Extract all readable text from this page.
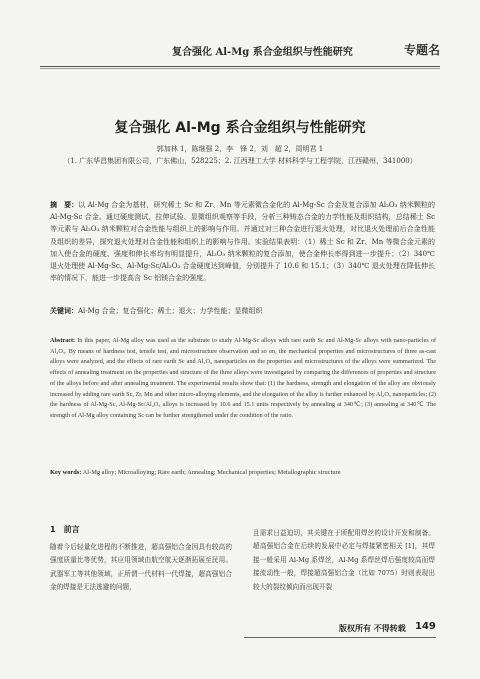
复合强化 Al-Mg 系合金组织与性能研究	专题名
复合强化 Al-Mg 系合金组织与性能研究
郭加林 1，陈继强 2，李　锋 2，刘　超 2，周明君 1
（1. 广东华昌集团有限公司，广东佛山，528225；2. 江西理工大学 材料科学与工程学院，江西赣州，341000）
摘　要：以 Al-Mg 合金为基材，研究稀土 Sc 和 Zr、Mn 等元素微合金化的 Al-Mg-Sc 合金及复合添加 Al₂O₃ 纳米颗粒的 Al-Mg-Sc 合金。通过硬度测试、拉伸试验、显微组织观察等手段，分析三种铸态合金的力学性能及组织结构，总结稀土 Sc 等元素与 Al₂O₃ 纳米颗粒对合金性能与组织上的影响与作用。并通过对三种合金进行退火处理，对比退火处理前后合金性能及组织的差异，探究退火处理对合金性能和组织上的影响与作用。实验结果表明：（1）稀土 Sc 和 Zr、Mn 等微合金元素的加入使合金的硬度、强度和伸长率均有明显提升，Al₂O₃ 纳米颗粒的复合添加，使合金伸长率得到进一步提升；（2）340℃ 退火处理使 Al-Mg-Sc、Al-Mg-Sc/Al₂O₃ 合金硬度达到峰值，分别提升了 10.6 和 15.1；（3）340℃ 退火处理在降低伸长率的情况下，能进一步提高含 Sc 铝镁合金的强度。
关键词：Al-Mg 合金；复合强化；稀土；退火；力学性能；显微组织
Abstract: In this paper, Al-Mg alloy was used as the substrate to study Al-Mg-Sc alloys with rare earth Sc and Al-Mg-Sc alloys with nano-particles of Al₂O₃. By means of hardness test, tensile test, and microstructure observation and so on, the mechanical properties and microstructures of three as-cast alloys were analyzed, and the effects of rare earth Sc and Al₂O₃ nanoparticles on the properties and microstructures of the alloys were summarized. The effects of annealing treatment on the properties and structure of the three alloys were investigated by comparing the differences of properties and structure of the alloys before and after annealing treatment. The experimental results show that: (1) the hardness, strength and elongation of the alloy are obviously increased by adding rare earth Sc, Zr, Mn and other micro-alloying elements, and the elongation of the alloy is further enhanced by Al₂O₃ nanoparticles; (2) the hardness of Al-Mg-Sc, Al-Mg-Sc/Al₂O₃ alloys is increased by 10.6 and 15.1 units respectively by annealing at 340℃; (3) annealing at 340℃ The strength of Al-Mg alloy containing Sc can be further strengthened under the condition of the ratio.
Key words: Al-Mg alloy; Microalloying; Rare earth; Annealing; Mechanical properties; Metallographic structure
1　前言
随着今后轻量化进程的不断推进，超高强铝合金因具有较高的强度质量比等优势，其应用领域由航空航天逐渐拓展至民用。武器军工等其他领域，正所谓一代材料一代焊接，超高强铝合金的焊接是无法逃避的问题，
且需求日益迫切，其关键在于所配用焊丝的设计开发和制备。超高强铝合金在后续的发展中必定与焊接紧密相关 [1]，其焊接一般采用 Al-Mg 系焊丝，Al-Mg 系焊丝焊后强度较高而焊接流动性一般，焊接超高强铝合金（比如 7075）时则表现出较大的裂纹倾向而出现开裂
版权所有 不得转载 149
